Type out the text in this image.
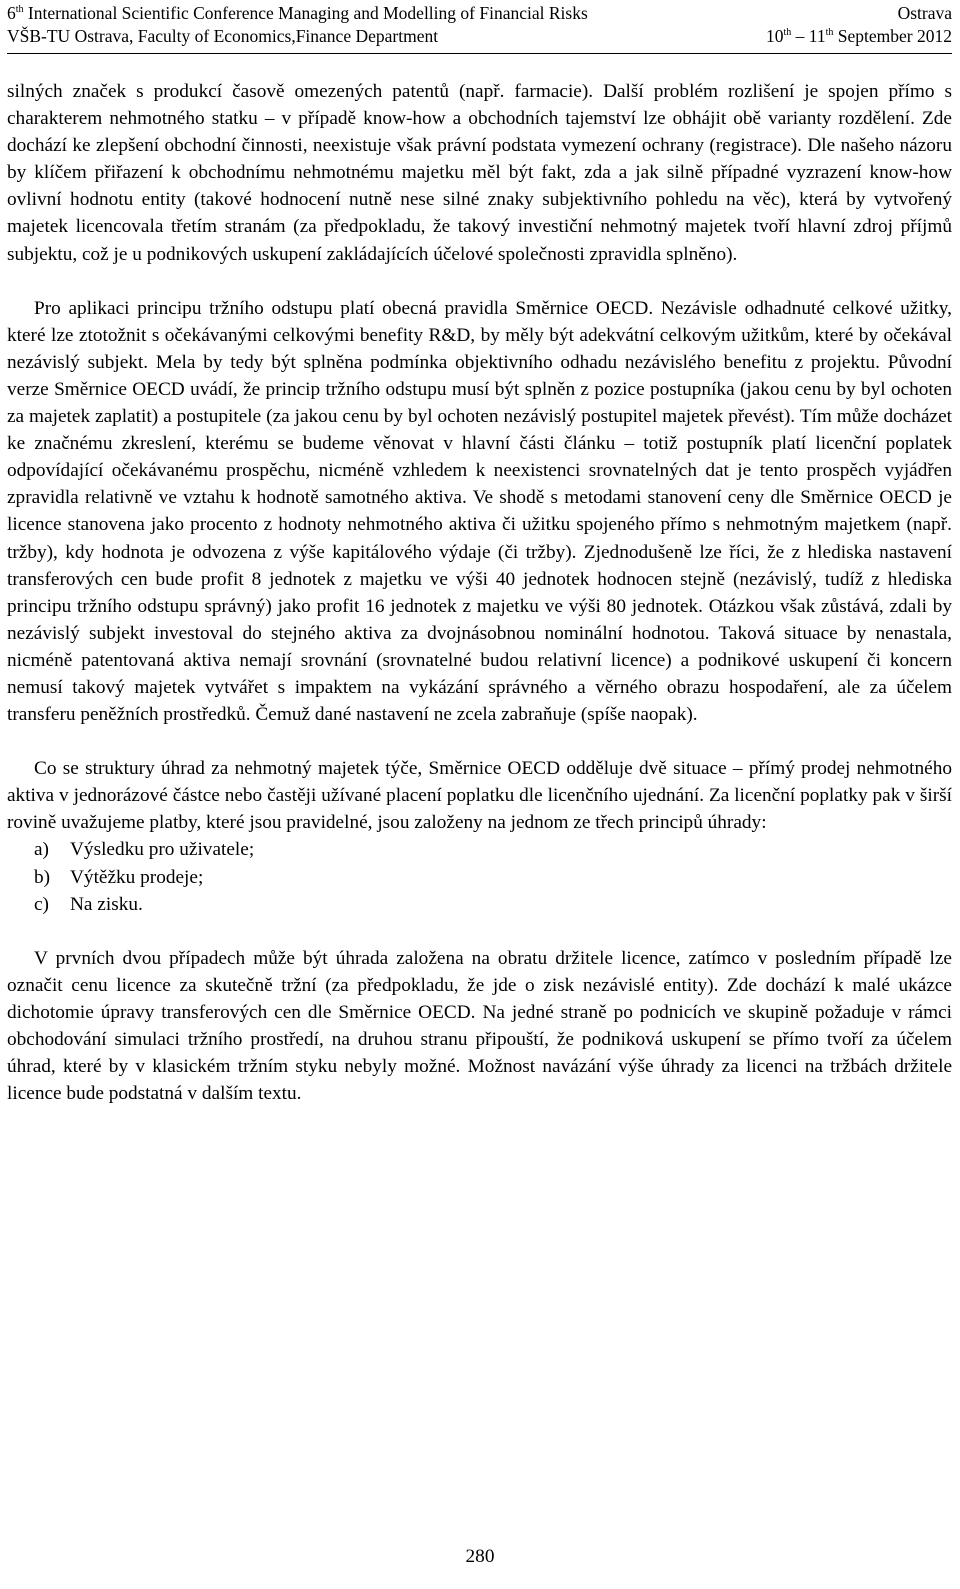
6th International Scientific Conference Managing and Modelling of Financial Risks	Ostrava
VŠB-TU Ostrava, Faculty of Economics,Finance Department	10th – 11th September 2012

silných značek s produkcí časově omezených patentů (např. farmacie). Další problém rozlišení je spojen přímo s charakterem nehmotného statku – v případě know-how a obchodních tajemství lze obhájit obě varianty rozdělení. Zde dochází ke zlepšení obchodní činnosti, neexistuje však právní podstata vymezení ochrany (registrace). Dle našeho názoru by klíčem přiřazení k obchodnímu nehmotnému majetku měl být fakt, zda a jak silně případné vyzrazení know-how ovlivní hodnotu entity (takové hodnocení nutně nese silné znaky subjektivního pohledu na věc), která by vytvořený majetek licencovala třetím stranám (za předpokladu, že takový investiční nehmotný majetek tvoří hlavní zdroj příjmů subjektu, což je u podnikových uskupení zakládajících účelové společnosti zpravidla splněno).

Pro aplikaci principu tržního odstupu platí obecná pravidla Směrnice OECD. Nezávisle odhadnuté celkové užitky, které lze ztotožnit s očekávanými celkovými benefity R&D, by měly být adekvátní celkovým užitkům, které by očekával nezávislý subjekt. Mela by tedy být splněna podmínka objektivního odhadu nezávislého benefitu z projektu. Původní verze Směrnice OECD uvádí, že princip tržního odstupu musí být splněn z pozice postupníka (jakou cenu by byl ochoten za majetek zaplatit) a postupitele (za jakou cenu by byl ochoten nezávislý postupitel majetek převést). Tím může docházet ke značnému zkreslení, kterému se budeme věnovat v hlavní části článku – totiž postupník platí licenční poplatek odpovídající očekávanému prospěchu, nicméně vzhledem k neexistenci srovnatelných dat je tento prospěch vyjádřen zpravidla relativně ve vztahu k hodnotě samotného aktiva. Ve shodě s metodami stanovení ceny dle Směrnice OECD je licence stanovena jako procento z hodnoty nehmotného aktiva či užitku spojeného přímo s nehmotným majetkem (např. tržby), kdy hodnota je odvozena z výše kapitálového výdaje (či tržby). Zjednodušeně lze říci, že z hlediska nastavení transferových cen bude profit 8 jednotek z majetku ve výši 40 jednotek hodnocen stejně (nezávislý, tudíž z hlediska principu tržního odstupu správný) jako profit 16 jednotek z majetku ve výši 80 jednotek. Otázkou však zůstává, zdali by nezávislý subjekt investoval do stejného aktiva za dvojnásobnou nominální hodnotou. Taková situace by nenastala, nicméně patentovaná aktiva nemají srovnání (srovnatelné budou relativní licence) a podnikové uskupení či koncern nemusí takový majetek vytvářet s impaktem na vykázání správného a věrného obrazu hospodaření, ale za účelem transferu peněžních prostředků. Čemuž dané nastavení ne zcela zabraňuje (spíše naopak).

Co se struktury úhrad za nehmotný majetek týče, Směrnice OECD odděluje dvě situace – přímý prodej nehmotného aktiva v jednorázové částce nebo častěji užívané placení poplatku dle licenčního ujednání. Za licenční poplatky pak v širší rovině uvažujeme platby, které jsou pravidelné, jsou založeny na jednom ze třech principů úhrady:

a)	Výsledku pro uživatele;
b)	Výtěžku prodeje;
c)	Na zisku.

V prvních dvou případech může být úhrada založena na obratu držitele licence, zatímco v posledním případě lze označit cenu licence za skutečně tržní (za předpokladu, že jde o zisk nezávislé entity). Zde dochází k malé ukázce dichotomie úpravy transferových cen dle Směrnice OECD. Na jedné straně po podnicích ve skupině požaduje v rámci obchodování simulaci tržního prostředí, na druhou stranu připouští, že podniková uskupení se přímo tvoří za účelem úhrad, které by v klasickém tržním styku nebyly možné. Možnost navázání výše úhrady za licenci na tržbách držitele licence bude podstatná v dalším textu.

280
